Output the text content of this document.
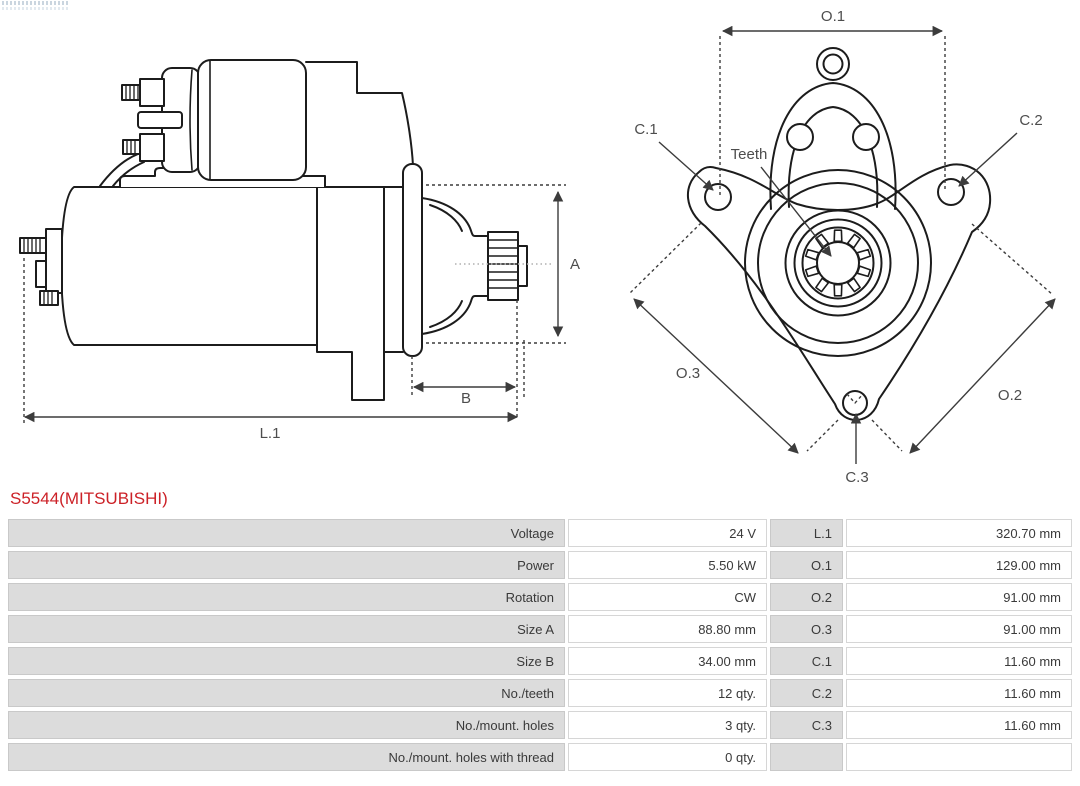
A
B
L.1
O.1
C.1
C.2
Teeth
O.3
O.2
C.3
S5544(MITSUBISHI)
Voltage	24 V	L.1	320.70 mm
Power	5.50 kW	O.1	129.00 mm
Rotation	CW	O.2	91.00 mm
Size A	88.80 mm	O.3	91.00 mm
Size B	34.00 mm	C.1	11.60 mm
No./teeth	12 qty.	C.2	11.60 mm
No./mount. holes	3 qty.	C.3	11.60 mm
No./mount. holes with thread	0 qty.
